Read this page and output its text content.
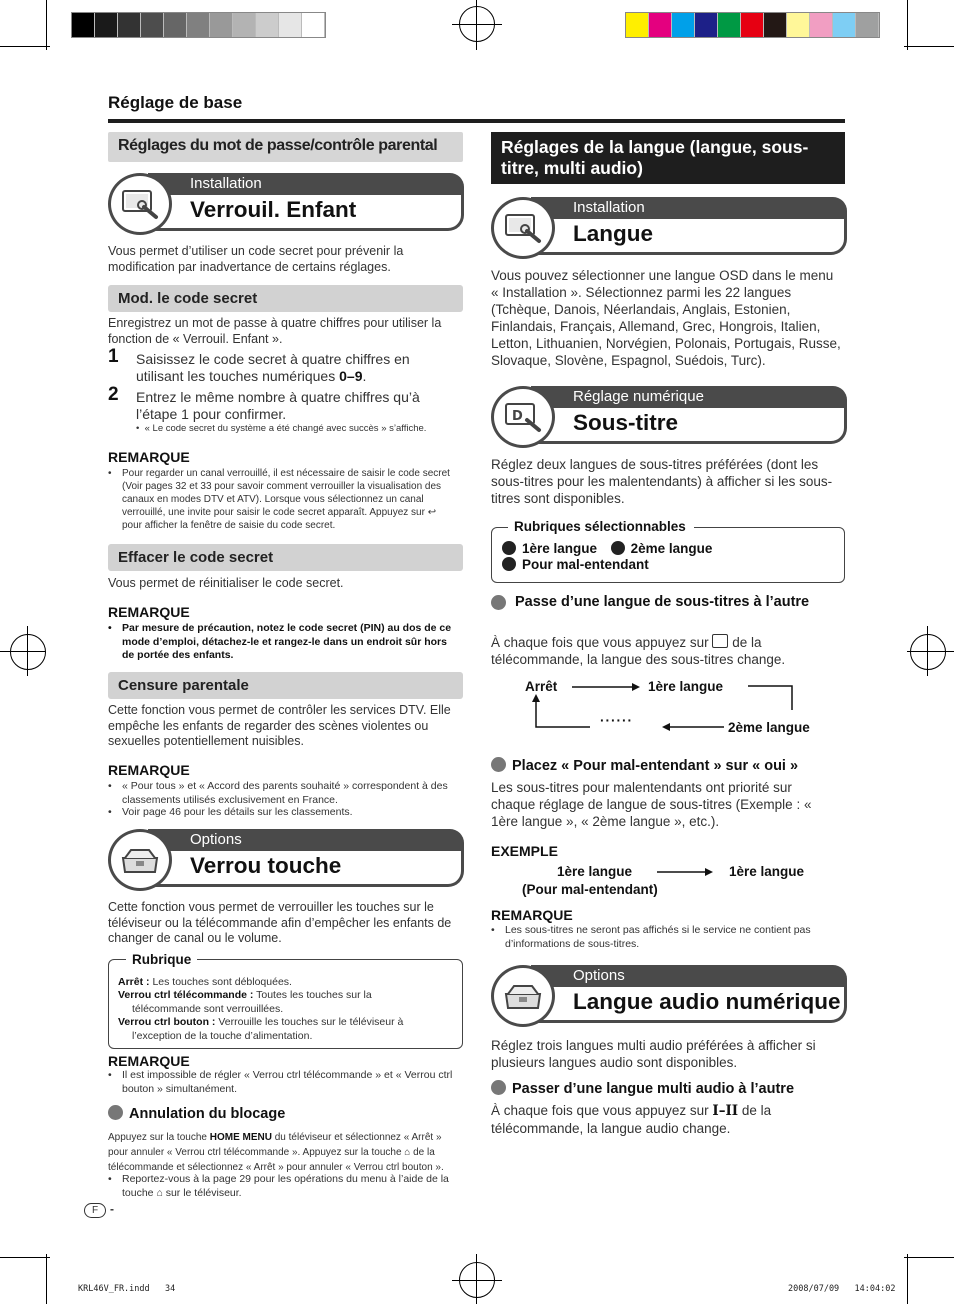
Réglage de base
Réglages du mot de passe/contrôle parental
Installation
Verrouil. Enfant
Vous permet d’utiliser un code secret pour prévenir la modification par inadvertance de certains réglages.
Mod. le code secret
Enregistrez un mot de passe à quatre chiffres pour utiliser la fonction de « Verrouil. Enfant ».
1 Saisissez le code secret à quatre chiffres en utilisant les touches numériques 0–9.
2 Entrez le même nombre à quatre chiffres qu’à l’étape 1 pour confirmer.
•  « Le code secret du système a été changé avec succès » s’affiche.
REMARQUE
• Pour regarder un canal verrouillé, il est nécessaire de saisir le code secret (Voir pages 32 et 33 pour savoir comment verrouiller la visualisation des canaux en modes DTV et ATV). Lorsque vous sélectionnez un canal verrouillé, une invite pour saisir le code secret apparaît. Appuyez sur ↩ pour afficher la fenêtre de saisie du code secret.
Effacer le code secret
Vous permet de réinitialiser le code secret.
REMARQUE
• Par mesure de précaution, notez le code secret (PIN) au dos de ce mode d’emploi, détachez-le et rangez-le dans un endroit sûr hors de portée des enfants.
Censure parentale
Cette fonction vous permet de contrôler les services DTV. Elle empêche les enfants de regarder des scènes violentes ou sexuelles potentiellement nuisibles.
REMARQUE
• « Pour tous » et « Accord des parents souhaité » correspondent à des classements utilisés exclusivement en France.
• Voir page 46 pour les détails sur les classements.
Options
Verrou touche
Cette fonction vous permet de verrouiller les touches sur le téléviseur ou la télécommande afin d’empêcher les enfants de changer de canal ou le volume.
Rubrique
Arrêt : Les touches sont débloquées.
Verrou ctrl télécommande : Toutes les touches sur la télécommande sont verrouillées.
Verrou ctrl bouton : Verrouille les touches sur le téléviseur à l’exception de la touche d’alimentation.
REMARQUE
• Il est impossible de régler « Verrou ctrl télécommande » et « Verrou ctrl bouton » simultanément.
Annulation du blocage
Appuyez sur la touche HOME MENU du téléviseur et sélectionnez « Arrêt » pour annuler « Verrou ctrl télécommande ». Appuyez sur la touche ⌂ de la télécommande et sélectionnez « Arrêt » pour annuler « Verrou ctrl bouton ».
• Reportez-vous à la page 29 pour les opérations du menu à l’aide de la touche ⌂ sur le téléviseur.
F -
Réglages de la langue (langue, sous-titre, multi audio)
Installation
Langue
Vous pouvez sélectionner une langue OSD dans le menu « Installation ». Sélectionnez parmi les 22 langues (Tchèque, Danois, Néerlandais, Anglais, Estonien, Finlandais, Français, Allemand, Grec, Hongrois, Italien, Letton, Lithuanien, Norvégien, Polonais, Portugais, Russe, Slovaque, Slovène, Espagnol, Suédois, Turc).
Réglage numérique
Sous-titre
D
Réglez deux langues de sous-titres préférées (dont les sous-titres pour les malentendants) à afficher si les sous-titres sont disponibles.
Rubriques sélectionnables
1ère langue 2ème langue
Pour mal-entendant
Passe d’une langue de sous-titres à l’autre
À chaque fois que vous appuyez sur de la télécommande, la langue des sous-titres change.
Arrêt	1ère langue
2ème langue
······
Placez « Pour mal-entendant » sur « oui »
Les sous-titres pour malentendants ont priorité sur chaque réglage de langue de sous-titres (Exemple : « 1ère langue », « 2ème langue », etc.).
EXEMPLE
1ère langue
(Pour mal-entendant)
1ère langue
REMARQUE
• Les sous-titres ne seront pas affichés si le service ne contient pas d’informations de sous-titres.
Options
Langue audio numérique
Réglez trois langues multi audio préférées à afficher si plusieurs langues audio sont disponibles.
Passer d’une langue multi audio à l’autre
À chaque fois que vous appuyez sur I–II de la télécommande, la langue audio change.
KRL46V_FR.indd   34	2008/07/09   14:04:02
